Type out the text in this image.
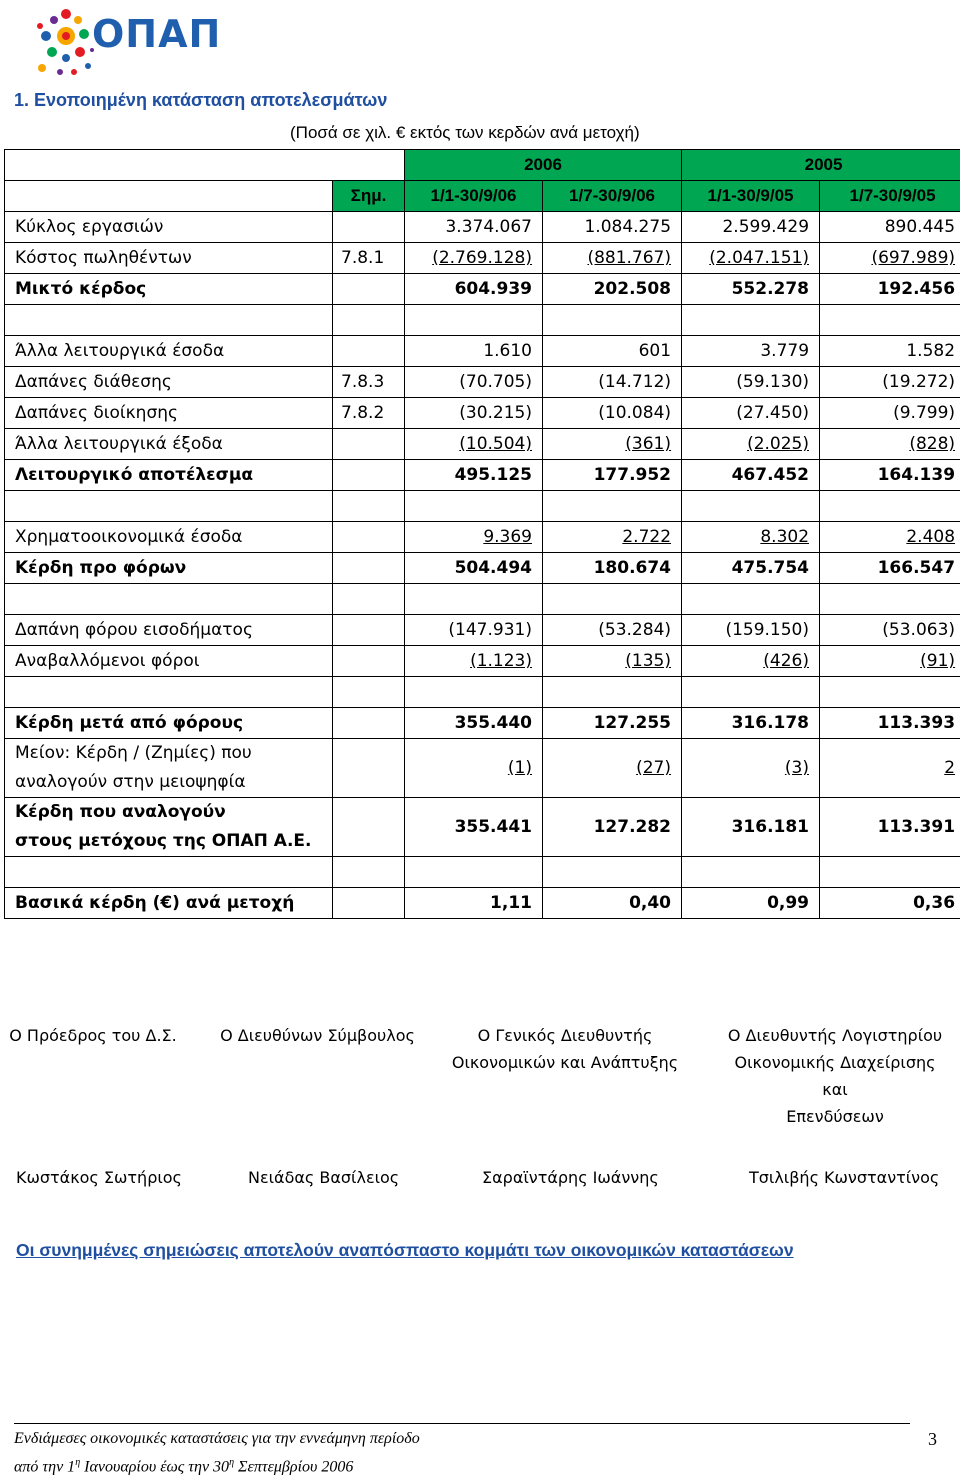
ΟΠΑΠ
1. Ενοποιημένη κατάσταση αποτελεσμάτων
(Ποσά σε χιλ. € εκτός των κερδών ανά μετοχή)
		2006		2005	
	Σημ.	1/1-30/9/06	1/7-30/9/06	1/1-30/9/05	1/7-30/9/05
Κύκλος εργασιών		3.374.067	1.084.275	2.599.429	890.445
Κόστος πωληθέντων	7.8.1	(2.769.128)	(881.767)	(2.047.151)	(697.989)
Μικτό κέρδος		604.939	202.508	552.278	192.456

Άλλα λειτουργικά έσοδα		1.610	601	3.779	1.582
Δαπάνες διάθεσης	7.8.3	(70.705)	(14.712)	(59.130)	(19.272)
Δαπάνες διοίκησης	7.8.2	(30.215)	(10.084)	(27.450)	(9.799)
Άλλα λειτουργικά έξοδα		(10.504)	(361)	(2.025)	(828)
Λειτουργικό αποτέλεσμα		495.125	177.952	467.452	164.139

Χρηματοοικονομικά έσοδα		9.369	2.722	8.302	2.408
Κέρδη προ φόρων		504.494	180.674	475.754	166.547

Δαπάνη φόρου εισοδήματος		(147.931)	(53.284)	(159.150)	(53.063)
Αναβαλλόμενοι φόροι		(1.123)	(135)	(426)	(91)

Κέρδη μετά από φόρους		355.440	127.255	316.178	113.393
Μείον: Κέρδη / (Ζημίες) που
αναλογούν στην μειοψηφία		(1)	(27)	(3)	2
Κέρδη που αναλογούν
στους μετόχους της ΟΠΑΠ Α.Ε.		355.441	127.282	316.181	113.391

Βασικά κέρδη (€) ανά μετοχή		1,11	0,40	0,99	0,36
Ο Πρόεδρος του Δ.Σ.	Ο Διευθύνων Σύμβουλος	Ο Γενικός Διευθυντής
Οικονομικών και Ανάπτυξης
Ο Διευθυντής Λογιστηρίου
Οικονομικής Διαχείρισης και
Επενδύσεων
Κωστάκος Σωτήριος	Νειάδας Βασίλειος	Σαραϊντάρης Ιωάννης	Τσιλιβής Κωνσταντίνος
Οι συνημμένες σημειώσεις αποτελούν αναπόσπαστο κομμάτι των οικονομικών καταστάσεων
Ενδιάμεσες οικονομικές καταστάσεις για την εννεάμηνη περίοδο
από την $1^\eta$ Ιανουαρίου έως την $30^\eta$ Σεπτεμβρίου 2006
3
